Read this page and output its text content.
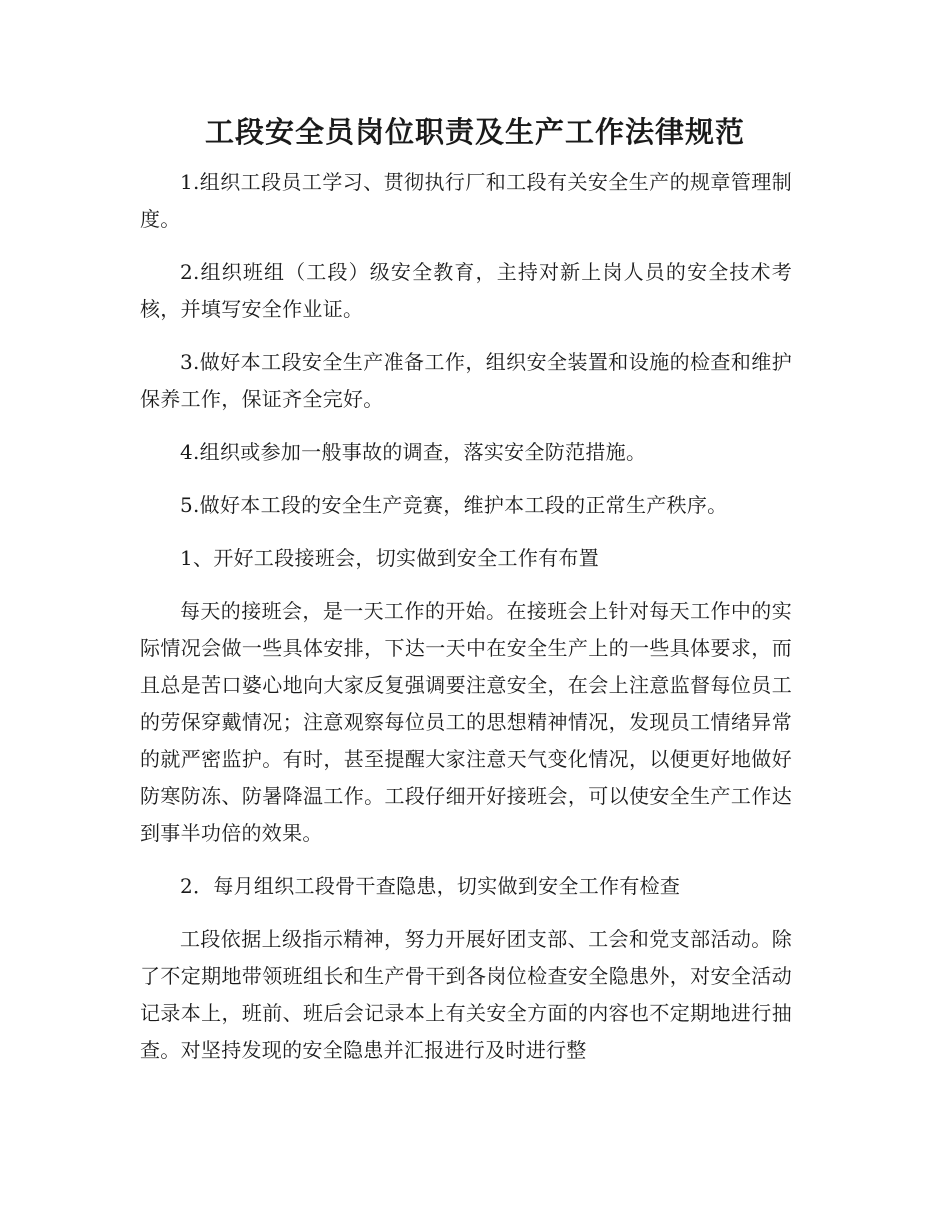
工段安全员岗位职责及生产工作法律规范

1.组织工段员工学习、贯彻执行厂和工段有关安全生产的规章管理制度。

2.组织班组（工段）级安全教育，主持对新上岗人员的安全技术考核，并填写安全作业证。

3.做好本工段安全生产准备工作，组织安全装置和设施的检查和维护保养工作，保证齐全完好。

4.组织或参加一般事故的调查，落实安全防范措施。

5.做好本工段的安全生产竞赛，维护本工段的正常生产秩序。

1、开好工段接班会，切实做到安全工作有布置

每天的接班会，是一天工作的开始。在接班会上针对每天工作中的实际情况会做一些具体安排，下达一天中在安全生产上的一些具体要求，而且总是苦口婆心地向大家反复强调要注意安全，在会上注意监督每位员工的劳保穿戴情况；注意观察每位员工的思想精神情况，发现员工情绪异常的就严密监护。有时，甚至提醒大家注意天气变化情况，以便更好地做好防寒防冻、防暑降温工作。工段仔细开好接班会，可以使安全生产工作达到事半功倍的效果。

2．每月组织工段骨干查隐患，切实做到安全工作有检查

工段依据上级指示精神，努力开展好团支部、工会和党支部活动。除了不定期地带领班组长和生产骨干到各岗位检查安全隐患外，对安全活动记录本上，班前、班后会记录本上有关安全方面的内容也不定期地进行抽查。对坚持发现的安全隐患并汇报进行及时进行整
